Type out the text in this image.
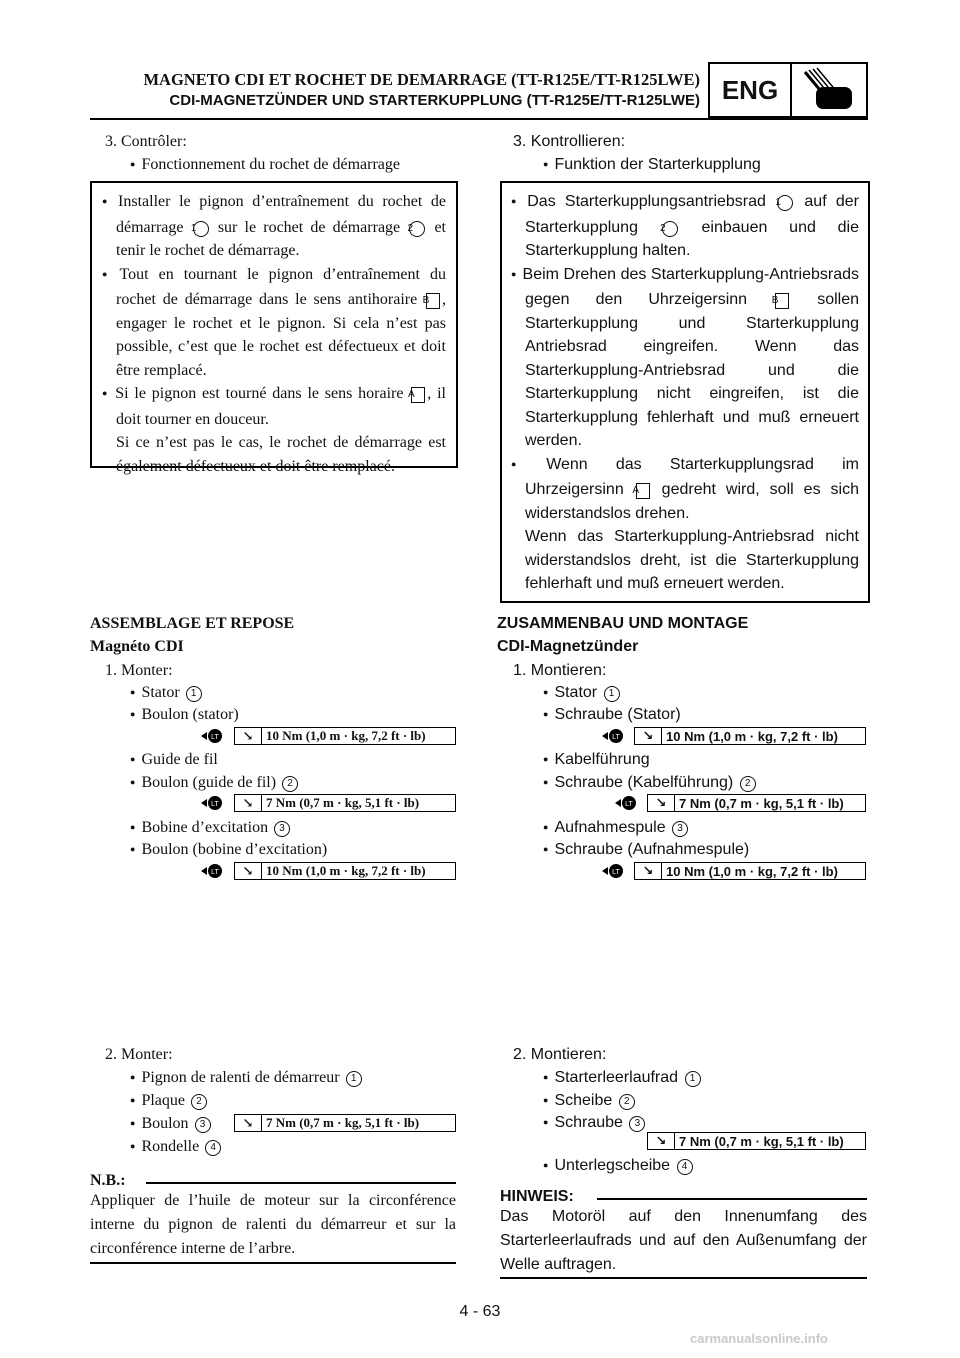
MAGNETO CDI ET ROCHET DE DEMARRAGE (TT-R125E/TT-R125LWE)
CDI-MAGNETZÜNDER UND STARTERKUPPLUNG (TT-R125E/TT-R125LWE) ENG
3. Contrôler:
● Fonctionnement du rochet de démarrage

● Installer le pignon d’entraînement du rochet de démarrage 1 sur le rochet de démarrage 2 et tenir le rochet de démarrage.

● Tout en tournant le pignon d’entraînement du rochet de démarrage dans le sens antihoraire B , engager le rochet et le pignon. Si cela n’est pas possible, c’est que le rochet est défectueux et doit être remplacé.

● Si le pignon est tourné dans le sens horaire A , il doit tourner en douceur.

Si ce n’est pas le cas, le rochet de démarrage est également défectueux et doit être remplacé.

ASSEMBLAGE ET REPOSE
Magnéto CDI
1. Monter:
● Stator 1
● Boulon (stator)
LT	↘ 10 Nm (1,0 m · kg, 7,2 ft · lb)
● Guide de fil
● Boulon (guide de fil) 2
LT	↘ 7 Nm (0,7 m · kg, 5,1 ft · lb)
● Bobine d’excitation 3
● Boulon (bobine d’excitation)
LT	↘ 10 Nm (1,0 m · kg, 7,2 ft · lb)
2. Monter:
● Pignon de ralenti de démarreur 1
● Plaque 2
● Boulon 3	↘ 7 Nm (0,7 m · kg, 5,1 ft · lb)
● Rondelle 4
N.B.:

Appliquer de l’huile de moteur sur la circonférence interne du pignon de ralenti du démarreur et sur la circonférence interne de l’arbre.

3. Kontrollieren:
● Funktion der Starterkupplung

● Das Starterkupplungsantriebsrad 1 auf der Starterkupplung 2 einbauen und die Starterkupplung halten.

● Beim Drehen des Starterkupplung-Antriebsrads gegen den Uhrzeigersinn B sollen Starterkupplung und Starterkupplung Antriebsrad eingreifen. Wenn das Starterkupplung-Antriebsrad und die Starterkupplung nicht eingreifen, ist die Starterkupplung fehlerhaft und muß erneuert werden.

● Wenn das Starterkupplungsrad im Uhrzeigersinn A gedreht wird, soll es sich widerstandslos drehen.

Wenn das Starterkupplung-Antriebsrad nicht widerstandslos dreht, ist die Starterkupplung fehlerhaft und muß erneuert werden.

ZUSAMMENBAU UND MONTAGE
CDI-Magnetzünder
1. Montieren:
● Stator 1
● Schraube (Stator)
LT	↘ 10 Nm (1,0 m · kg, 7,2 ft · lb)
● Kabelführung
● Schraube (Kabelführung) 2
LT	↘ 7 Nm (0,7 m · kg, 5,1 ft · lb)
● Aufnahmespule 3
● Schraube (Aufnahmespule)
LT	↘ 10 Nm (1,0 m · kg, 7,2 ft · lb)
2. Montieren:
● Starterleerlaufrad 1
● Scheibe 2
● Schraube 3
↘ 7 Nm (0,7 m · kg, 5,1 ft · lb)
● Unterlegscheibe 4
HINWEIS:

Das Motoröl auf den Innenumfang des Starterleerlaufrads und auf den Außenumfang der Welle auftragen.

4 - 63
carmanualsonline.info
